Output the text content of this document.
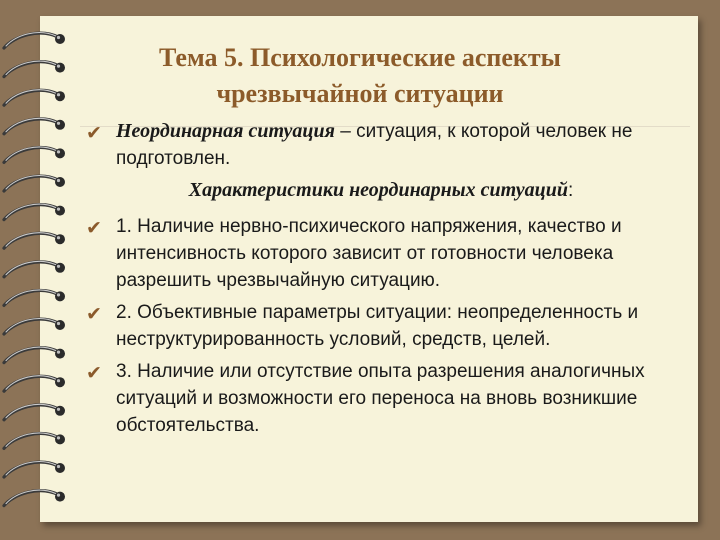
Тема 5. Психологические аспекты
чрезвычайной ситуации
✔ Неординарная ситуация – ситуация, к которой человек не подготовлен.
Характеристики неординарных ситуаций:
✔ 1. Наличие нервно-психического напряжения, качество и интенсивность которого зависит от готовности человека разрешить чрезвычайную ситуацию.
✔ 2. Объективные параметры ситуации: неопределенность и неструктурированность условий, средств, целей.
✔ 3. Наличие или отсутствие опыта разрешения аналогичных ситуаций и возможности его переноса на вновь возникшие обстоятельства.
